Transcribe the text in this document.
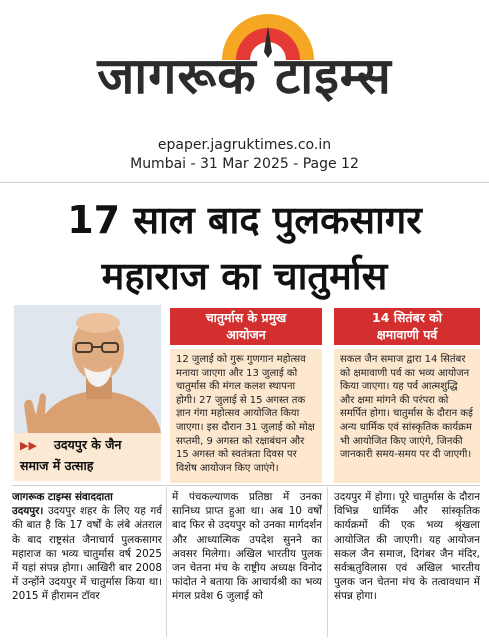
जागरूक टाइम्स
epaper.jagruktimes.co.in
Mumbai - 31 Mar 2025 - Page 12
17 साल बाद पुलकसागर
महाराज का चातुर्मास
▶▶ उदयपुर के जैन
समाज में उत्साह
चातुर्मास के प्रमुख
आयोजन
12 जुलाई को गुरू गुणगान महोत्सव मनाया जाएगा और 13 जुलाई को चातुर्मास की मंगल कलश स्थापना होगी। 27 जुलाई से 15 अगस्त तक ज्ञान गंगा महोत्सव आयोजित किया जाएगा। इस दौरान 31 जुलाई को मोक्ष सप्तमी, 9 अगस्त को रक्षाबंधन और 15 अगस्त को स्वतंत्रता दिवस पर विशेष आयोजन किए जाएंगे।
14 सितंबर को
क्षमावाणी पर्व
सकल जैन समाज द्वारा 14 सितंबर को क्षमावाणी पर्व का भव्य आयोजन किया जाएगा। यह पर्व आत्मशुद्धि और क्षमा मांगने की परंपरा को समर्पित होगा। चातुर्मास के दौरान कई अन्य धार्मिक एवं सांस्कृतिक कार्यक्रम भी आयोजित किए जाएंगे, जिनकी जानकारी समय-समय पर दी जाएगी।
जागरूक टाइम्स संवाददाता
उदयपुर। उदयपुर शहर के लिए यह गर्व की बात है कि 17 वर्षों के लंबे अंतराल के बाद राष्ट्रसंत जैनाचार्य पुलकसागर महाराज का भव्य चातुर्मास वर्ष 2025 में यहां संपन्न होगा। आखिरी बार 2008 में उन्होंने उदयपुर में चातुर्मास किया था। 2015 में हीरामन टॉवर
में पंचकल्याणक प्रतिष्ठा में उनका सानिध्य प्राप्त हुआ था। अब 10 वर्षों बाद फिर से उदयपुर को उनका मार्गदर्शन और आध्यात्मिक उपदेश सुनने का अवसर मिलेगा। अखिल भारतीय पुलक जन चेतना मंच के राष्ट्रीय अध्यक्ष विनोद फांदोत ने बताया कि आचार्यश्री का भव्य मंगल प्रवेश 6 जुलाई को
उदयपुर में होगा। पूरे चातुर्मास के दौरान विभिन्न धार्मिक और सांस्कृतिक कार्यक्रमों की एक भव्य श्रृंखला आयोजित की जाएगी। यह आयोजन सकल जैन समाज, दिगंबर जैन मंदिर, सर्वऋतुविलास एवं अखिल भारतीय पुलक जन चेतना मंच के तत्वावधान में संपन्न होगा।
